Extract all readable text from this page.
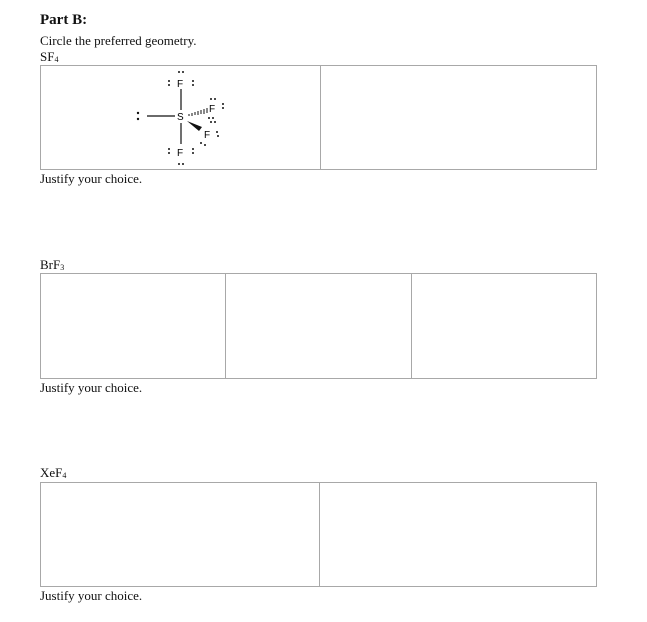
Part B:
Circle the preferred geometry.
$SF_4$
S
F
F
F
F
Justify your choice.
BrF$_3$
Justify your choice.
XeF$_4$
Justify your choice.
